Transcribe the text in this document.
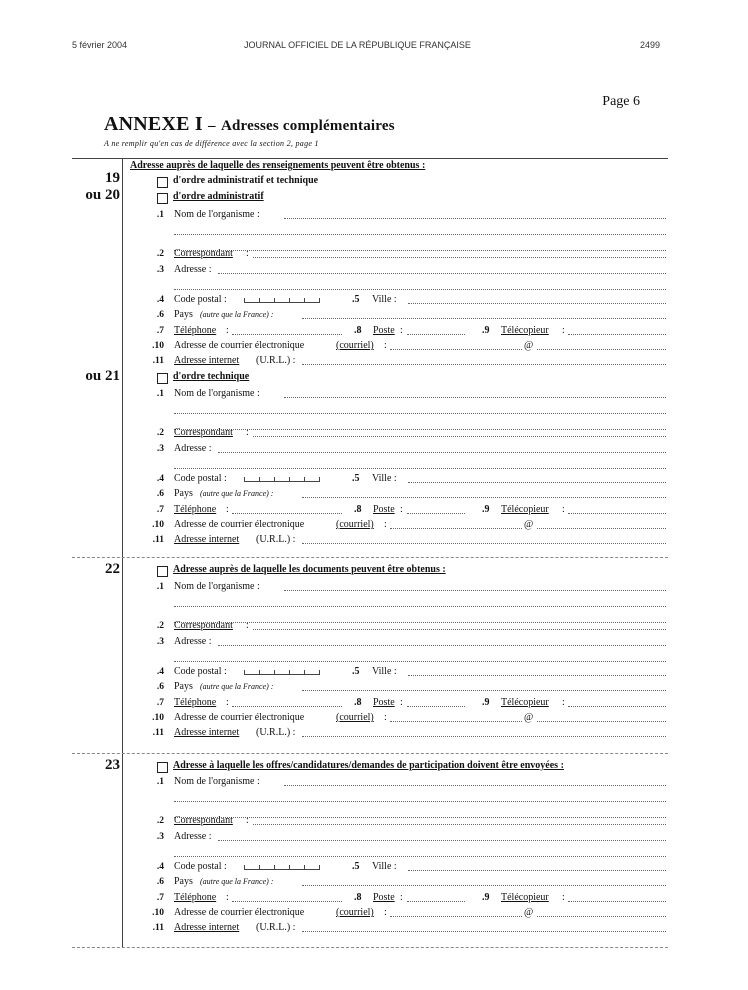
5 février 2004	JOURNAL OFFICIEL DE LA RÉPUBLIQUE FRANÇAISE	2499
Page 6
ANNEXE I – Adresses complémentaires
A ne remplir qu'en cas de différence avec la section 2, page 1
Adresse auprès de laquelle des renseignements peuvent être obtenus :
19
ou 20
ou 21
22
23
d'ordre administratif et technique
d'ordre administratif
d'ordre technique
Adresse auprès de laquelle les documents peuvent être obtenus :
Adresse à laquelle les offres/candidatures/demandes de participation doivent être envoyées :
.1 Nom de l'organisme :
.2 Correspondant :
.3 Adresse :
.4 Code postal :	.5 Ville :
.6 Pays (autre que la France) :
.7 Téléphone :	.8 Poste :	.9 Télécopieur :
.10 Adresse de courrier électronique	(courriel) :	@
.11 Adresse internet (U.R.L.) :
.1 Nom de l'organisme :
.2 Correspondant :
.3 Adresse :
.4 Code postal :	.5 Ville :
.6 Pays (autre que la France) :
.7 Téléphone :	.8 Poste :	.9 Télécopieur :
.10 Adresse de courrier électronique	(courriel) :	@
.11 Adresse internet (U.R.L.) :
.1 Nom de l'organisme :
.2 Correspondant :
.3 Adresse :
.4 Code postal :	.5 Ville :
.6 Pays (autre que la France) :
.7 Téléphone :	.8 Poste :	.9 Télécopieur :
.10 Adresse de courrier électronique	(courriel) :	@
.11 Adresse internet (U.R.L.) :
.1 Nom de l'organisme :
.2 Correspondant :
.3 Adresse :
.4 Code postal :	.5 Ville :
.6 Pays (autre que la France) :
.7 Téléphone :	.8 Poste :	.9 Télécopieur :
.10 Adresse de courrier électronique	(courriel) :	@
.11 Adresse internet (U.R.L.) :
